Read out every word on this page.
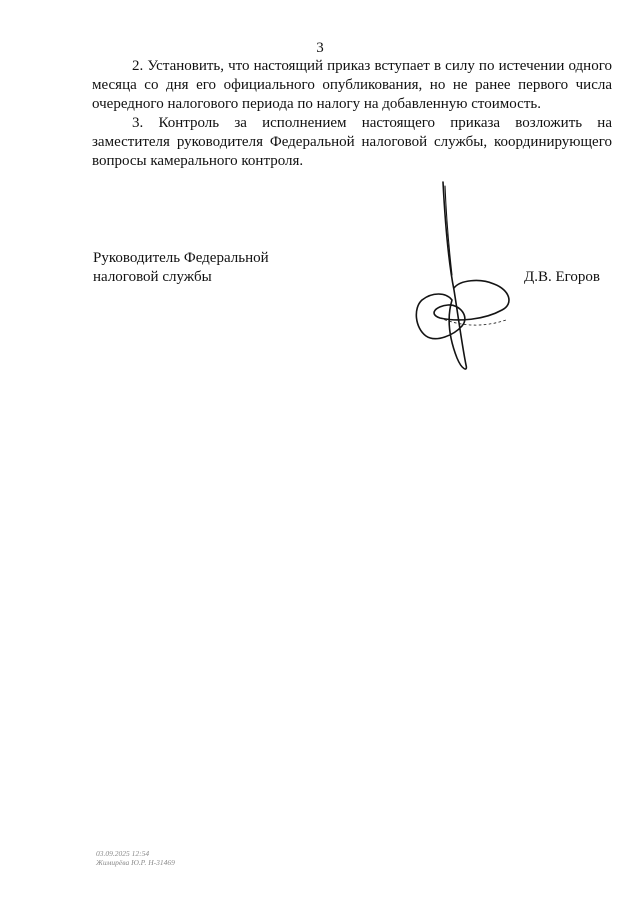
3

2. Установить, что настоящий приказ вступает в силу по истечении одного месяца со дня его официального опубликования, но не ранее первого числа очередного налогового периода по налогу на добавленную стоимость.

3. Контроль за исполнением настоящего приказа возложить на заместителя руководителя Федеральной налоговой службы, координирующего вопросы камерального контроля.

Руководитель Федеральной
налоговой службы	Д.В. Егоров
03.09.2025 12:54
Жимирёва Ю.Р. Н-31469
